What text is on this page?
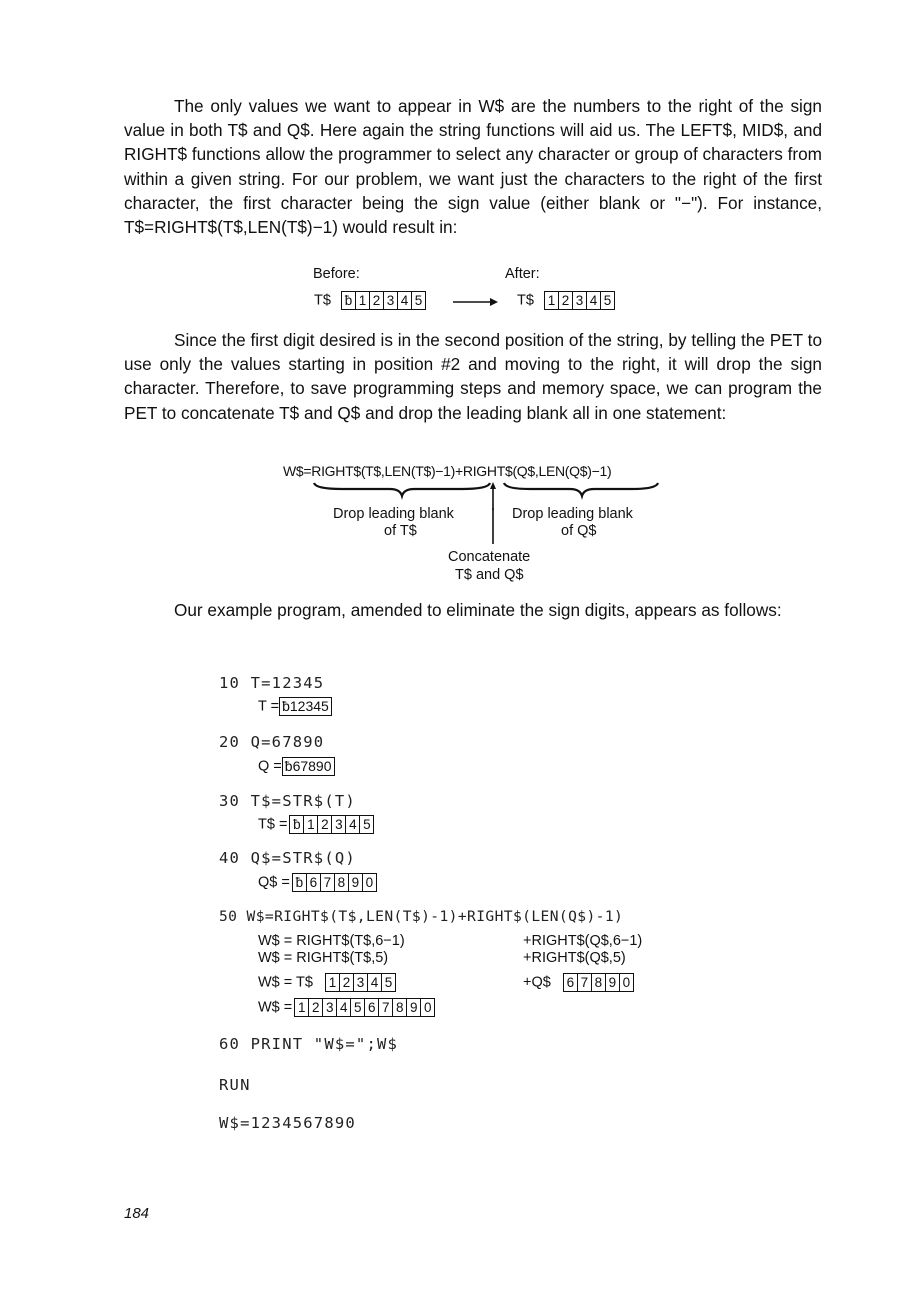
The only values we want to appear in W$ are the numbers to the right of the sign value in both T$ and Q$. Here again the string functions will aid us. The LEFT$, MID$, and RIGHT$ functions allow the programmer to select any character or group of characters from within a given string. For our problem, we want just the characters to the right of the first character, the first character being the sign value (either blank or "−"). For instance, T$=RIGHT$(T$,LEN(T$)−1) would result in:

Before:	After:
T$ ƀ 1 2 3 4 5	T$ 1 2 3 4 5

Since the first digit desired is in the second position of the string, by telling the PET to use only the values starting in position #2 and moving to the right, it will drop the sign character. Therefore, to save programming steps and memory space, we can program the PET to concatenate T$ and Q$ and drop the leading blank all in one statement:

W$=RIGHT$(T$,LEN(T$)−1)+RIGHT$(Q$,LEN(Q$)−1)
Drop leading blank
of T$
Drop leading blank
of Q$
Concatenate
T$ and Q$

Our example program, amended to eliminate the sign digits, appears as follows:

10 T=12345
T = ƀ12345
20 Q=67890
Q = ƀ67890
30 T$=STR$(T)
T$ = ƀ 1 2 3 4 5
40 Q$=STR$(Q)
Q$ = ƀ 6 7 8 9 0
50 W$=RIGHT$(T$,LEN(T$)-1)+RIGHT$(LEN(Q$)-1)
W$ = RIGHT$(T$,6−1)	+RIGHT$(Q$,6−1)
W$ = RIGHT$(T$,5)	+RIGHT$(Q$,5)
W$ = T$ 1 2 3 4 5	+Q$ 6 7 8 9 0
W$ = 1 2 3 4 5 6 7 8 9 0
60 PRINT "W$=";W$
RUN
W$=1234567890
184
